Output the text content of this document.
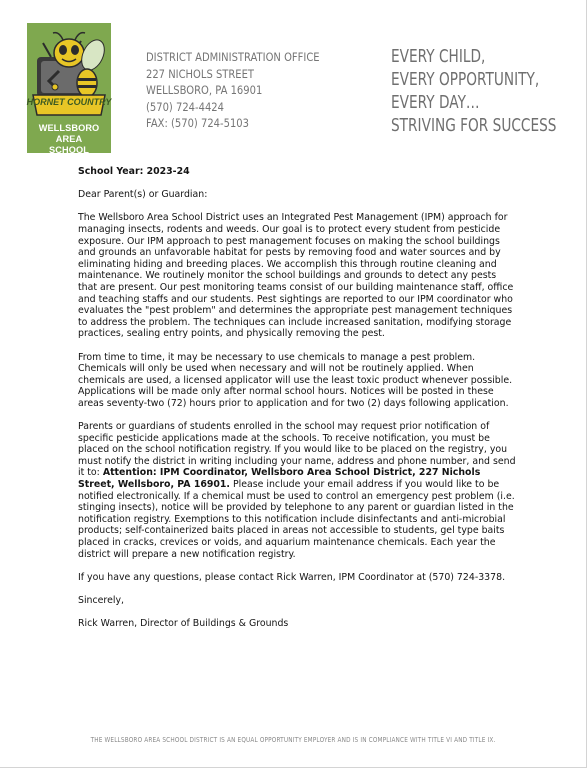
HORNET COUNTRY
WELLSBORO AREA
SCHOOL DISTRICT
DISTRICT ADMINISTRATION OFFICE
227 NICHOLS STREET
WELLSBORO, PA 16901
(570) 724-4424
FAX: (570) 724-5103
EVERY CHILD,
EVERY OPPORTUNITY,
EVERY DAY…
STRIVING FOR SUCCESS
School Year: 2023-24
Dear Parent(s) or Guardian:

The Wellsboro Area School District uses an Integrated Pest Management (IPM) approach for managing insects, rodents and weeds. Our goal is to protect every student from pesticide exposure. Our IPM approach to pest management focuses on making the school buildings and grounds an unfavorable habitat for pests by removing food and water sources and by eliminating hiding and breeding places. We accomplish this through routine cleaning and maintenance. We routinely monitor the school buildings and grounds to detect any pests that are present. Our pest monitoring teams consist of our building maintenance staff, office and teaching staffs and our students. Pest sightings are reported to our IPM coordinator who evaluates the "pest problem" and determines the appropriate pest management techniques to address the problem. The techniques can include increased sanitation, modifying storage practices, sealing entry points, and physically removing the pest.

From time to time, it may be necessary to use chemicals to manage a pest problem. Chemicals will only be used when necessary and will not be routinely applied. When chemicals are used, a licensed applicator will use the least toxic product whenever possible. Applications will be made only after normal school hours. Notices will be posted in these areas seventy-two (72) hours prior to application and for two (2) days following application.

Parents or guardians of students enrolled in the school may request prior notification of specific pesticide applications made at the schools. To receive notification, you must be placed on the school notification registry. If you would like to be placed on the registry, you must notify the district in writing including your name, address and phone number, and send it to: Attention: IPM Coordinator, Wellsboro Area School District, 227 Nichols Street, Wellsboro, PA 16901. Please include your email address if you would like to be notified electronically. If a chemical must be used to control an emergency pest problem (i.e. stinging insects), notice will be provided by telephone to any parent or guardian listed in the notification registry. Exemptions to this notification include disinfectants and anti-microbial products; self-containerized baits placed in areas not accessible to students, gel type baits placed in cracks, crevices or voids, and aquarium maintenance chemicals. Each year the district will prepare a new notification registry.

If you have any questions, please contact Rick Warren, IPM Coordinator at (570) 724-3378.

Sincerely,

Rick Warren, Director of Buildings & Grounds

THE WELLSBORO AREA SCHOOL DISTRICT IS AN EQUAL OPPORTUNITY EMPLOYER AND IS IN COMPLIANCE WITH TITLE VI AND TITLE IX.
